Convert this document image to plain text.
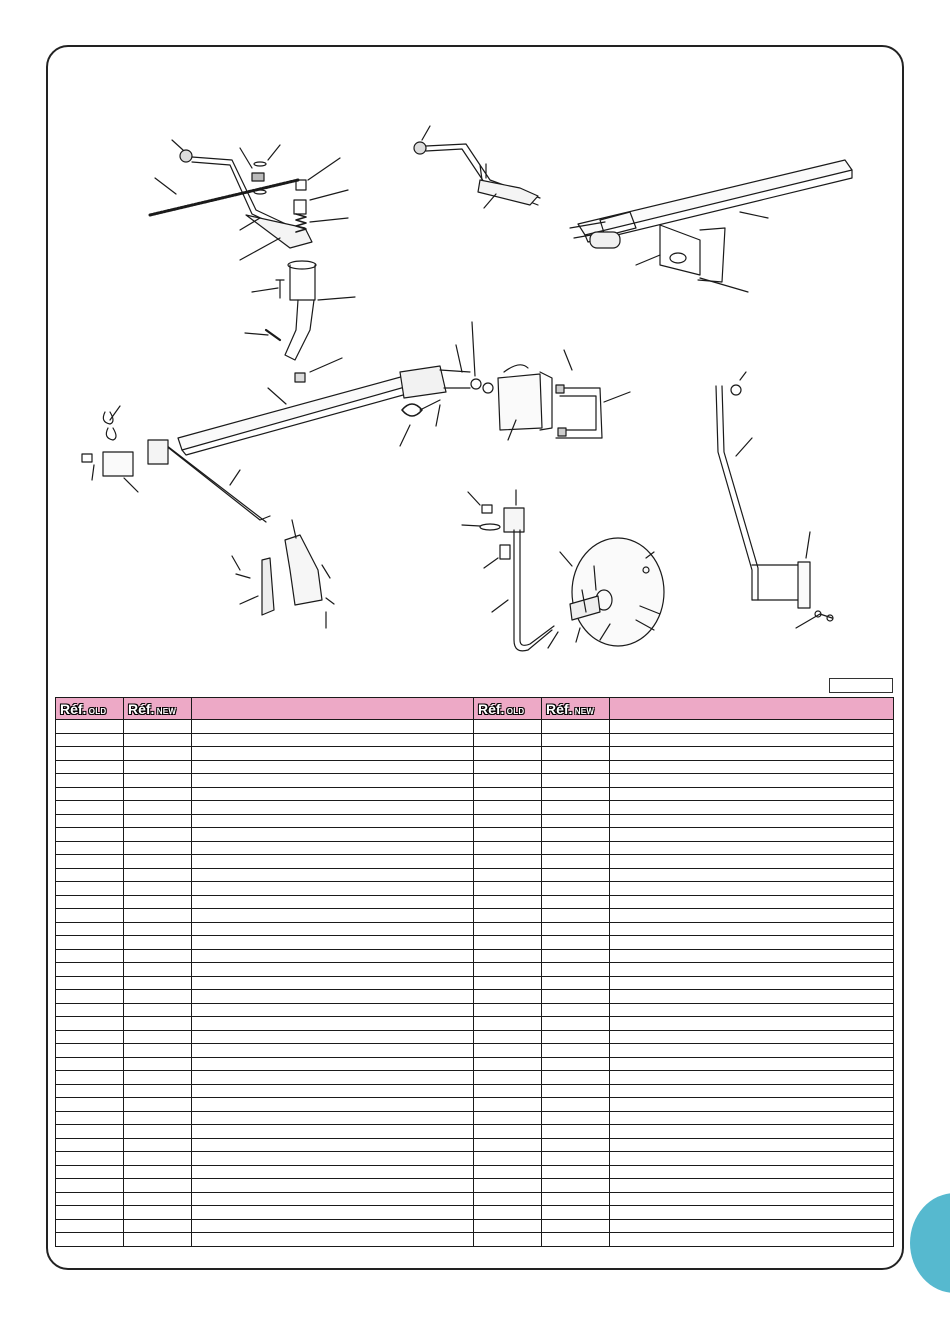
Réf. OLD	Réf. NEW		Réf. OLD	Réf. NEW	
